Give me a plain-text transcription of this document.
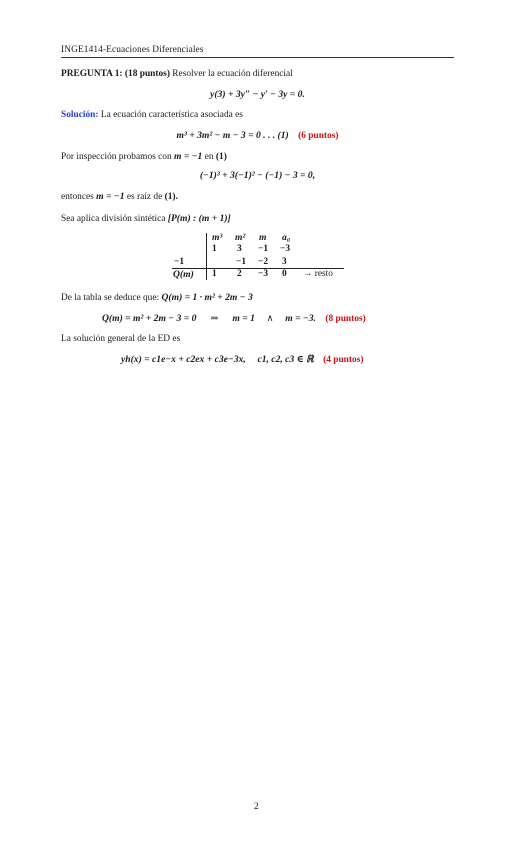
INGE1414-Ecuaciones Diferenciales
PREGUNTA 1: (18 puntos) Resolver la ecuación diferencial
y(3) + 3y″ − y′ − 3y = 0.
Solución: La ecuación característica asociada es
m³ + 3m² − m − 3 = 0 . . . (1) (6 puntos)
Por inspección probamos con m = −1 en (1)
(−1)³ + 3(−1)² − (−1) − 3 = 0,
entonces m = −1 es raíz de (1).
Sea aplica división sintética [P(m) : (m + 1)]
m³ m² m a₀
1 3 −1 −3
−1	−1 −2 3
Q(m) 1 2 −3 0 → resto
De la tabla se deduce que: Q(m) = 1 · m² + 2m − 3
Q(m) = m² + 2m − 3 = 0 ⇒ m = 1 ∧ m = −3. (8 puntos)
La solución general de la ED es
yh(x) = c1e−x + c2ex + c3e−3x, c1, c2, c3 ∈ ℝ (4 puntos)
2
